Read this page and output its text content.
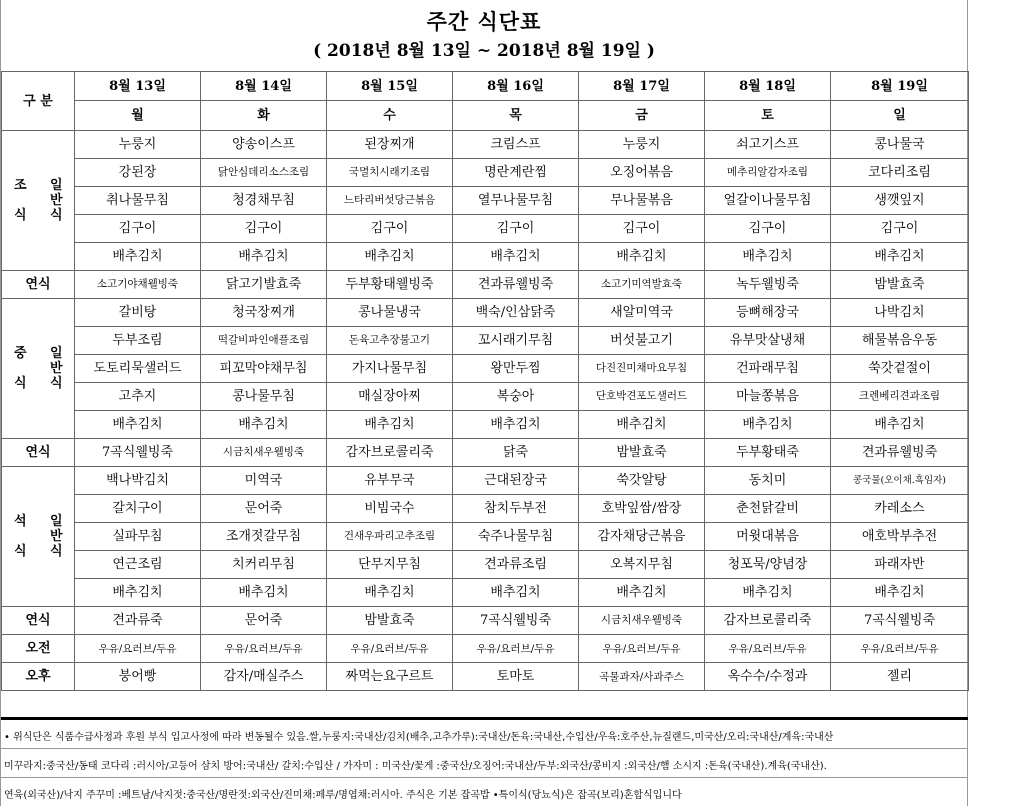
주간 식단표
( 2018년 8월 13일 ~ 2018년 8월 19일 )
구 분		8월 13일	8월 14일	8월 15일	8월 16일	8월 17일	8월 18일	8월 19일
		월	화	수	목	금	토	일
조

식	일
반
식	누룽지	양송이스프	된장찌개	크림스프	누룽지	쇠고기스프	콩나물국
		강된장	닭안심데리소스조림	국멸치시래기조림	명란계란찜	오징어볶음	메추리알감자조림	코다리조림
		취나물무침	청경채무침	느타리버섯당근볶음	열무나물무침	무나물볶음	얼갈이나물무침	생깻잎지
		김구이	김구이	김구이	김구이	김구이	김구이	김구이
		배추김치	배추김치	배추김치	배추김치	배추김치	배추김치	배추김치
연식		소고기야채웰빙죽	닭고기발효죽	두부황태웰빙죽	견과류웰빙죽	소고기미역발효죽	녹두웰빙죽	밤발효죽
중

식	일
반
식	갈비탕	청국장찌개	콩나물냉국	백숙/인삼닭죽	새알미역국	등뼈해장국	나박김치
		두부조림	떡갈비파인애플조림	돈육고추장불고기	꼬시래기무침	버섯불고기	유부맛살냉채	해물볶음우동
		도토리묵샐러드	피꼬막야채무침	가지나물무침	왕만두찜	다진진미채마요무침	건파래무침	쑥갓겉절이
		고추지	콩나물무침	매실장아찌	복숭아	단호박견포도샐러드	마늘쫑볶음	크렌베리견과조림
		배추김치	배추김치	배추김치	배추김치	배추김치	배추김치	배추김치
연식		7곡식웰빙죽	시금치새우웰빙죽	감자브로콜리죽	닭죽	밤발효죽	두부황태죽	견과류웰빙죽
석

식	일
반
식	백나박김치	미역국	유부무국	근대된장국	쑥갓알탕	동치미	콩국물(오이채.흑임자)
		갈치구이	문어죽	비빔국수	참치두부전	호박잎쌈/쌈장	춘천닭갈비	카레소스
		실파무침	조개젓갈무침	건새우파리고추조림	숙주나물무침	감자채당근볶음	머윗대볶음	애호박부추전
		연근조림	치커리무침	단무지무침	견과류조림	오복지무침	청포묵/양념장	파래자반
		배추김치	배추김치	배추김치	배추김치	배추김치	배추김치	배추김치
연식		견과류죽	문어죽	밤발효죽	7곡식웰빙죽	시금치새우웰빙죽	감자브로콜리죽	7곡식웰빙죽
오전		우유/요러브/두유	우유/요러브/두유	우유/요러브/두유	우유/요러브/두유	우유/요러브/두유	우유/요러브/두유	우유/요러브/두유
오후		붕어빵	감자/매실주스	짜먹는요구르트	토마토	곡물과자/사과주스	옥수수/수정과	젤리
• 위식단은 식품수급사정과 후원 부식 입고사정에 따라 변동될수 있음.쌀,누룽지:국내산/김치(배추,고추가루):국내산/돈육:국내산,수입산/우육:호주산,뉴질랜드,미국산/오리:국내산/계육:국내산
미꾸라지:중국산/동태 코다리 :러시아/고등어 삼치 방어:국내산/ 갈치:수입산 / 가자미 : 미국산/꽃게 :중국산/오징어:국내산/두부:외국산/콩비지 :외국산/햄 소시지 :돈육(국내산).계육(국내산).
연육(외국산)/낙지 주꾸미 :베트남/낙지젓:중국산/명란젓:외국산/진미채:페루/명엽채:러시아. 주식은 기본 잡곡밥 •특이식(당뇨식)은 잡곡(보리)혼합식입니다
